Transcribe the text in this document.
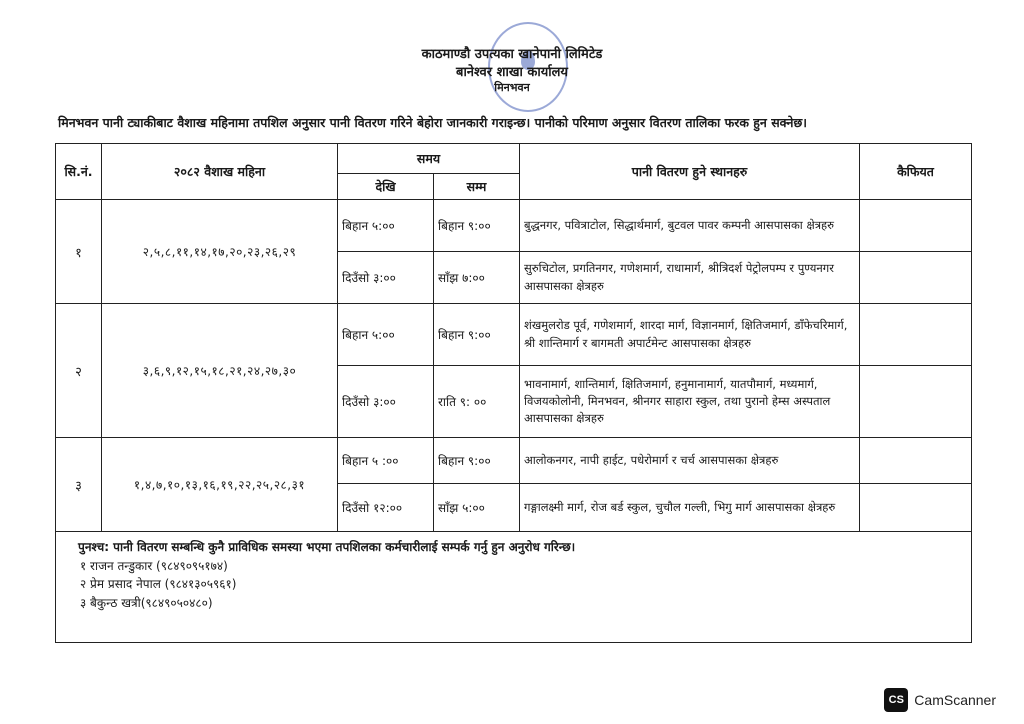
काठमाण्डौ उपत्यका खानेपानी लिमिटेड
बानेश्वर शाखा कार्यालय
मिनभवन
मिनभवन पानी ट्याकीबाट वैशाख महिनामा तपशिल अनुसार पानी वितरण गरिने बेहोरा जानकारी गराइन्छ। पानीको परिमाण अनुसार वितरण तालिका फरक हुन सक्नेछ।
सि.नं.	२०८२ वैशाख महिना	समय		पानी वितरण हुने स्थानहरु	कैफियत
		देखि	सम्म		
१	२,५,८,११,१४,१७,२०,२३,२६,२९	बिहान ५:००	बिहान ९:००	बुद्धनगर, पवित्राटोल, सिद्धार्थमार्ग, बुटवल पावर कम्पनी आसपासका क्षेत्रहरु	
		दिउँसो ३:००	साँझ ७:००	सुरुचिटोल, प्रगतिनगर, गणेशमार्ग, राधामार्ग, श्रीत्रिदर्श पेट्रोलपम्प र पुण्यनगर आसपासका क्षेत्रहरु	
२	३,६,९,१२,१५,१८,२१,२४,२७,३०	बिहान ५:००	बिहान ९:००	शंखमुलरोड पूर्व, गणेशमार्ग, शारदा मार्ग, विज्ञानमार्ग, क्षितिजमार्ग, डाँफेचरिमार्ग, श्री शान्तिमार्ग र बागमती अपार्टमेन्ट आसपासका क्षेत्रहरु	
		दिउँसो ३:००	राति ९: ००	भावनामार्ग, शान्तिमार्ग, क्षितिजमार्ग, हनुमानामार्ग, यातपौमार्ग, मध्यमार्ग, विजयकोलोनी, मिनभवन, श्रीनगर साहारा स्कुल, तथा पुरानो हेम्स अस्पताल आसपासका क्षेत्रहरु	
३	१,४,७,१०,१३,१६,१९,२२,२५,२८,३१	बिहान ५ :००	बिहान ९:००	आलोकनगर, नापी हाईट, पधेरोमार्ग र चर्च आसपासका क्षेत्रहरु	
		दिउँसो १२:००	साँझ ५:००	गङ्गालक्ष्मी मार्ग, रोज बर्ड स्कुल, चुचौल गल्ली, भिगु मार्ग आसपासका क्षेत्रहरु	

पुनश्च: पानी वितरण सम्बन्धि कुनै प्राविधिक समस्या भएमा तपशिलका कर्मचारीलाई सम्पर्क गर्नु हुन अनुरोध गरिन्छ।
१ राजन तन्डुकार (९८४९०९५१७४)
२ प्रेम प्रसाद नेपाल (९८४१३०५९६१)
३ बैकुन्ठ खत्री(९८४९०५०४८०)					
CS CamScanner
